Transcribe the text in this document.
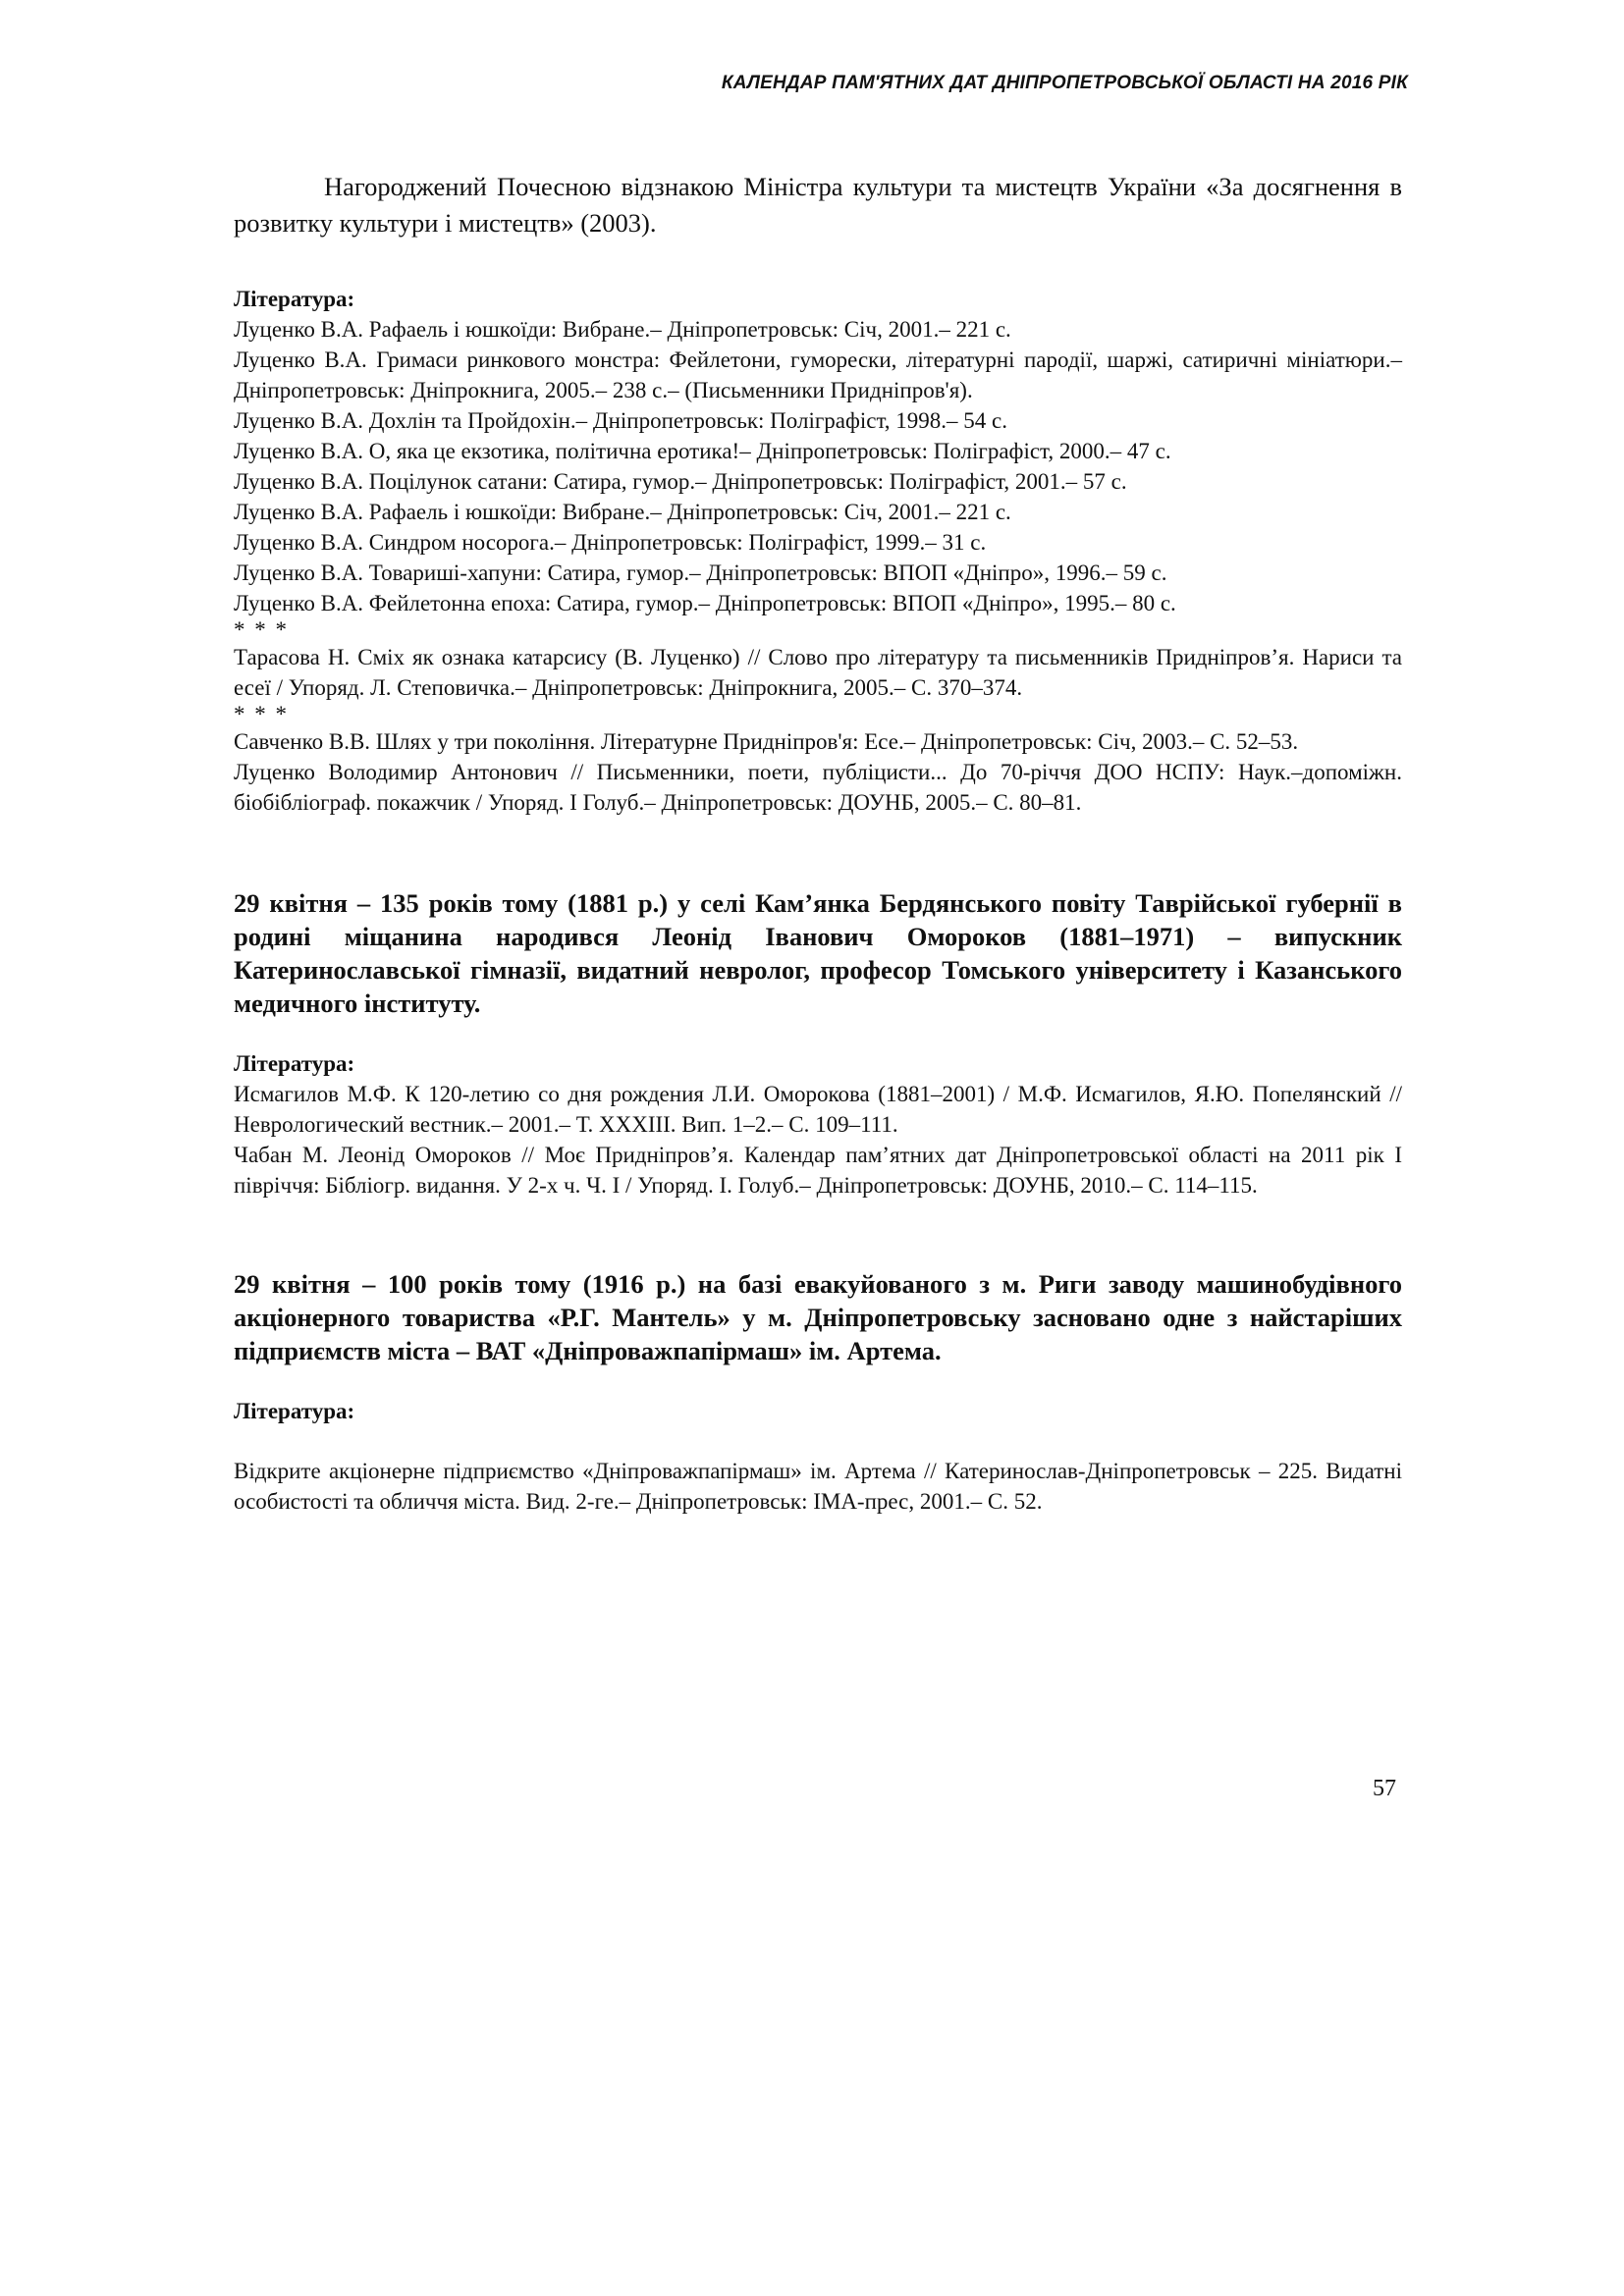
КАЛЕНДАР ПАМ'ЯТНИХ ДАТ ДНІПРОПЕТРОВСЬКОЇ ОБЛАСТІ НА 2016 РІК

Нагороджений Почесною відзнакою Міністра культури та мистецтв України «За досягнення в розвитку культури і мистецтв» (2003).

Література:

Луценко В.А. Рафаель і юшкоїди: Вибране.– Дніпропетровськ: Січ, 2001.– 221 с.

Луценко В.А. Гримаси ринкового монстра: Фейлетони, гуморески, літературні пародії, шаржі, сатиричні мініатюри.– Дніпропетровськ: Дніпрокнига, 2005.– 238 с.– (Письменники Придніпров'я).

Луценко В.А. Дохлін та Пройдохін.– Дніпропетровськ: Поліграфіст, 1998.– 54 с.

Луценко В.А. О, яка це екзотика, політична еротика!– Дніпропетровськ: Поліграфіст, 2000.– 47 с.

Луценко В.А. Поцілунок сатани: Сатира, гумор.– Дніпропетровськ: Поліграфіст, 2001.– 57 с.

Луценко В.А. Рафаель і юшкоїди: Вибране.– Дніпропетровськ: Січ, 2001.– 221 с.

Луценко В.А. Синдром носорога.– Дніпропетровськ: Поліграфіст, 1999.– 31 с.

Луценко В.А. Товариші-хапуни: Сатира, гумор.– Дніпропетровськ: ВПОП «Дніпро», 1996.– 59 с.

Луценко В.А. Фейлетонна епоха: Сатира, гумор.– Дніпропетровськ: ВПОП «Дніпро», 1995.– 80 с.

* * *

Тарасова Н. Сміх як ознака катарсису (В. Луценко) // Слово про літературу та письменників Придніпров’я. Нариси та есеї / Упоряд. Л. Степовичка.– Дніпропетровськ: Дніпрокнига, 2005.– С. 370–374.

* * *

Савченко В.В. Шлях у три покоління. Літературне Придніпров'я: Есе.– Дніпропетровськ: Січ, 2003.– С. 52–53.

Луценко Володимир Антонович // Письменники, поети, публіцисти... До 70-річчя ДОО НСПУ: Наук.–допоміжн. біобібліограф. покажчик / Упоряд. І Голуб.– Дніпропетровськ: ДОУНБ, 2005.– С. 80–81.

29 квітня – 135 років тому (1881 р.) у селі Кам’янка Бердянського повіту Таврійської губернії в родині міщанина народився Леонід Іванович Омороков (1881–1971) – випускник Катеринославської гімназії, видатний невролог, професор Томського університету і Казанського медичного інституту.

Література:

Исмагилов М.Ф. К 120-летию со дня рождения Л.И. Оморокова (1881–2001) / М.Ф. Исмагилов, Я.Ю. Попелянский // Неврологический вестник.– 2001.– Т. XXXIII. Вип. 1–2.– С. 109–111.

Чабан М. Леонід Омороков // Моє Придніпров’я. Календар пам’ятних дат Дніпропетровської області на 2011 рік І півріччя: Бібліогр. видання. У 2-х ч. Ч. І / Упоряд. І. Голуб.– Дніпропетровськ: ДОУНБ, 2010.– С. 114–115.

29 квітня – 100 років тому (1916 р.) на базі евакуйованого з м. Риги заводу машинобудівного акціонерного товариства «Р.Г. Мантель» у м. Дніпропетровську засновано одне з найстаріших підприємств міста – ВАТ «Дніпроважпапірмаш» ім. Артема.

Література:

Відкрите акціонерне підприємство «Дніпроважпапірмаш» ім. Артема // Катеринослав-Дніпропетровськ – 225. Видатні особистості та обличчя міста. Вид. 2-ге.– Дніпропетровськ: ІМА-прес, 2001.– С. 52.

57
